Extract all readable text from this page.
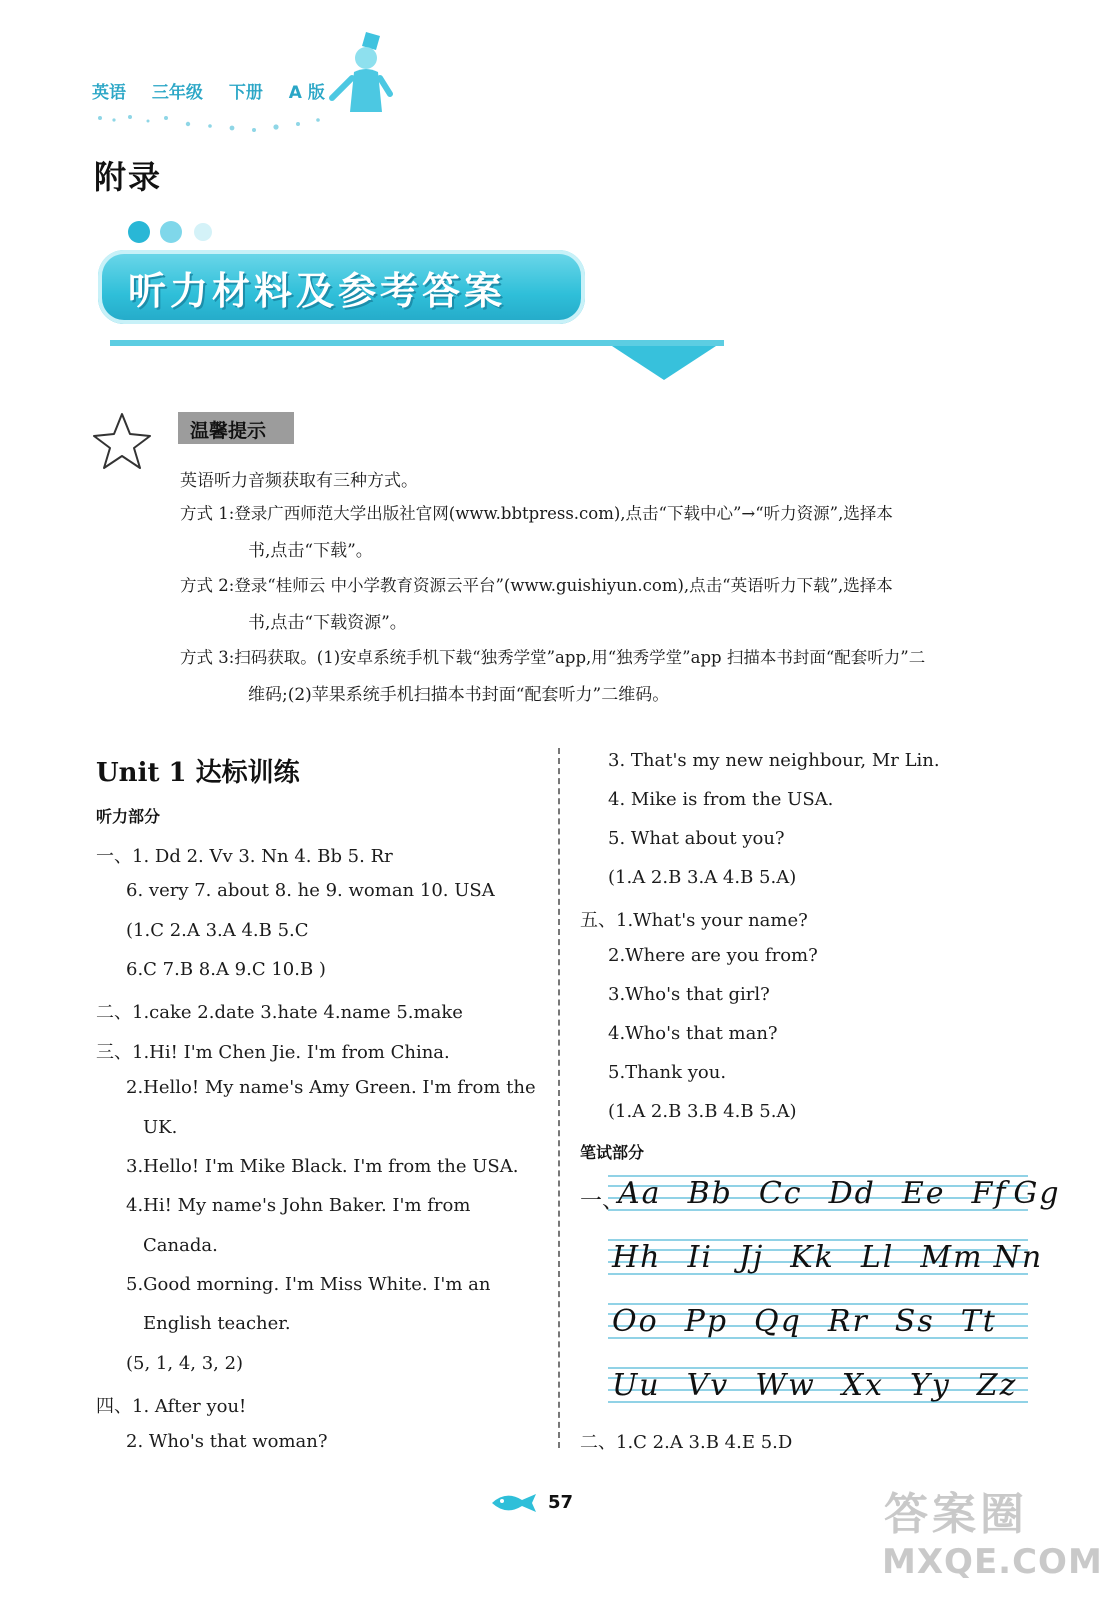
英语 三年级 下册 A 版
附录
听力材料及参考答案
温馨提示
英语听力音频获取有三种方式。
方式 1:登录广西师范大学出版社官网(www.bbtpress.com),点击“下载中心”→“听力资源”,选择本
书,点击“下载”。
方式 2:登录“桂师云 中小学教育资源云平台”(www.guishiyun.com),点击“英语听力下载”,选择本
书,点击“下载资源”。
方式 3:扫码获取。(1)安卓系统手机下载“独秀学堂”app,用“独秀学堂”app 扫描本书封面“配套听力”二
维码;(2)苹果系统手机扫描本书封面“配套听力”二维码。
Unit 1 达标训练
听力部分
一、1. Dd 2. Vv 3. Nn 4. Bb 5. Rr
6. very 7. about 8. he 9. woman 10. USA
(1.C 2.A 3.A 4.B 5.C
6.C 7.B 8.A 9.C 10.B )
二、1.cake 2.date 3.hate 4.name 5.make
三、1.Hi! I'm Chen Jie. I'm from China.
2.Hello! My name's Amy Green. I'm from the
UK.
3.Hello! I'm Mike Black. I'm from the USA.
4.Hi! My name's John Baker. I'm from
Canada.
5.Good morning. I'm Miss White. I'm an
English teacher.
(5, 1, 4, 3, 2)
四、1. After you!
2. Who's that woman?
3. That's my new neighbour, Mr Lin.
4. Mike is from the USA.
5. What about you?
(1.A 2.B 3.A 4.B 5.A)
五、1.What's your name?
2.Where are you from?
3.Who's that girl?
4.Who's that man?
5.Thank you.
(1.A 2.B 3.B 4.B 5.A)
笔试部分
一、
Aa Bb Cc Dd Ee Ff Gg
Hh Ii Jj Kk Ll Mm Nn
Oo Pp Qq Rr Ss Tt
Uu Vv Ww Xx Yy Zz
二、1.C 2.A 3.B 4.E 5.D
57	答案圈
MXQE.COM
